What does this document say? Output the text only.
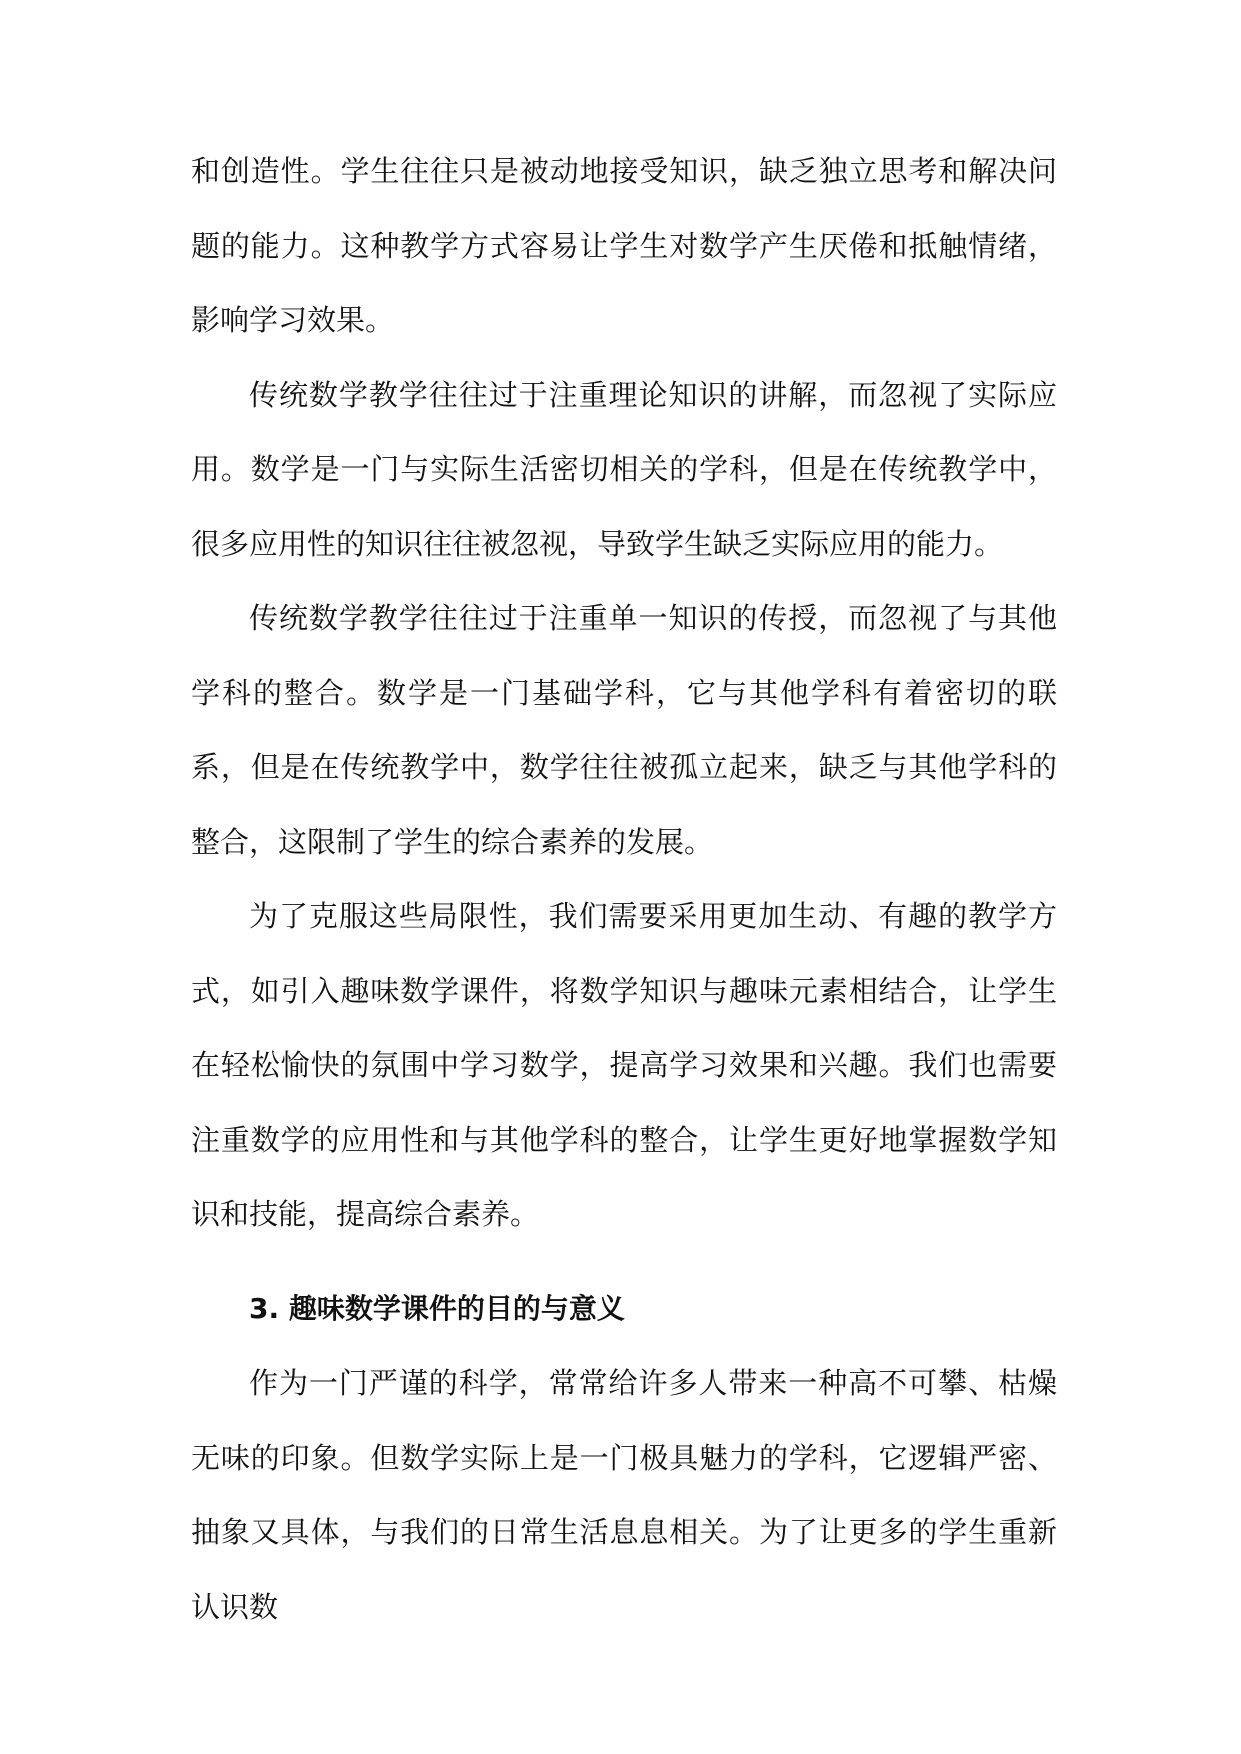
和创造性。学生往往只是被动地接受知识，缺乏独立思考和解决问题的能力。这种教学方式容易让学生对数学产生厌倦和抵触情绪，影响学习效果。

传统数学教学往往过于注重理论知识的讲解，而忽视了实际应用。数学是一门与实际生活密切相关的学科，但是在传统教学中，很多应用性的知识往往被忽视，导致学生缺乏实际应用的能力。

传统数学教学往往过于注重单一知识的传授，而忽视了与其他学科的整合。数学是一门基础学科，它与其他学科有着密切的联系，但是在传统教学中，数学往往被孤立起来，缺乏与其他学科的整合，这限制了学生的综合素养的发展。

为了克服这些局限性，我们需要采用更加生动、有趣的教学方式，如引入趣味数学课件，将数学知识与趣味元素相结合，让学生在轻松愉快的氛围中学习数学，提高学习效果和兴趣。我们也需要注重数学的应用性和与其他学科的整合，让学生更好地掌握数学知识和技能，提高综合素养。

3. 趣味数学课件的目的与意义

作为一门严谨的科学，常常给许多人带来一种高不可攀、枯燥无味的印象。但数学实际上是一门极具魅力的学科，它逻辑严密、抽象又具体，与我们的日常生活息息相关。为了让更多的学生重新认识数
